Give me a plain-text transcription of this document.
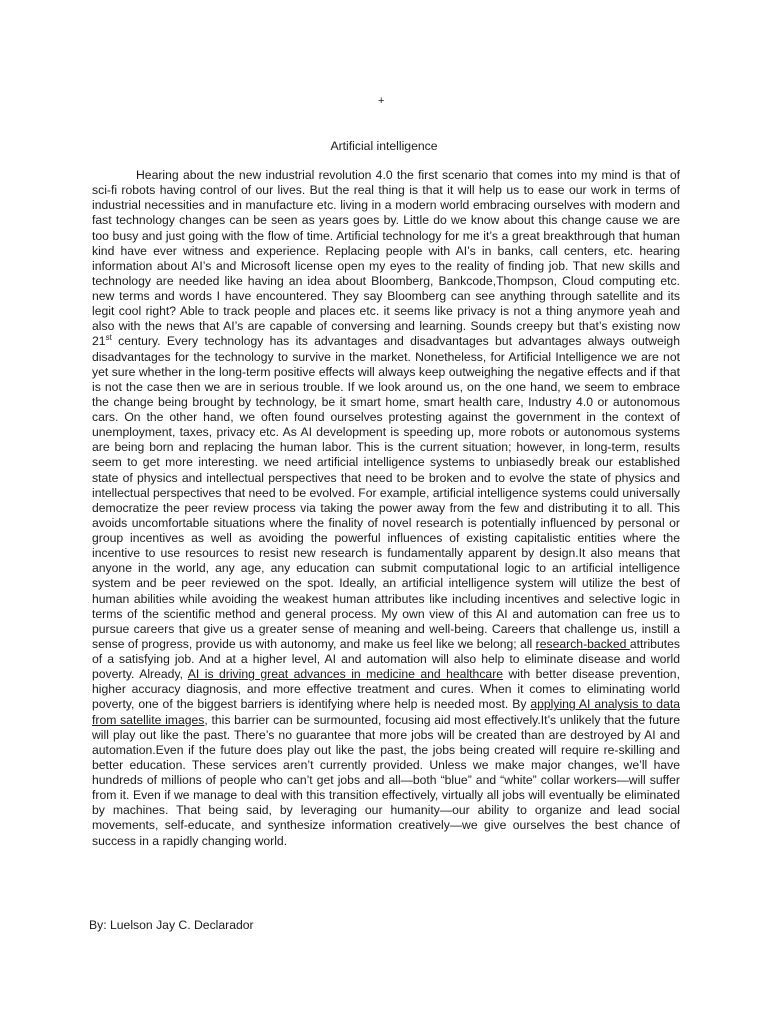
+
Artificial intelligence

Hearing about the new industrial revolution 4.0 the first scenario that comes into my mind is that of sci-fi robots having control of our lives. But the real thing is that it will help us to ease our work in terms of industrial necessities and in manufacture etc. living in a modern world embracing ourselves with modern and fast technology changes can be seen as years goes by. Little do we know about this change cause we are too busy and just going with the flow of time. Artificial technology for me it’s a great breakthrough that human kind have ever witness and experience. Replacing people with AI’s in banks, call centers, etc. hearing information about AI’s and Microsoft license open my eyes to the reality of finding job. That new skills and technology are needed like having an idea about Bloomberg, Bankcode,Thompson, Cloud computing etc. new terms and words I have encountered. They say Bloomberg can see anything through satellite and its legit cool right? Able to track people and places etc. it seems like privacy is not a thing anymore yeah and also with the news that AI’s are capable of conversing and learning. Sounds creepy but that’s existing now 21st century. Every technology has its advantages and disadvantages but advantages always outweigh disadvantages for the technology to survive in the market. Nonetheless, for Artificial Intelligence we are not yet sure whether in the long-term positive effects will always keep outweighing the negative effects and if that is not the case then we are in serious trouble. If we look around us, on the one hand, we seem to embrace the change being brought by technology, be it smart home, smart health care, Industry 4.0 or autonomous cars. On the other hand, we often found ourselves protesting against the government in the context of unemployment, taxes, privacy etc. As AI development is speeding up, more robots or autonomous systems are being born and replacing the human labor. This is the current situation; however, in long-term, results seem to get more interesting. we need artificial intelligence systems to unbiasedly break our established state of physics and intellectual perspectives that need to be broken and to evolve the state of physics and intellectual perspectives that need to be evolved. For example, artificial intelligence systems could universally democratize the peer review process via taking the power away from the few and distributing it to all. This avoids uncomfortable situations where the finality of novel research is potentially influenced by personal or group incentives as well as avoiding the powerful influences of existing capitalistic entities where the incentive to use resources to resist new research is fundamentally apparent by design.It also means that anyone in the world, any age, any education can submit computational logic to an artificial intelligence system and be peer reviewed on the spot. Ideally, an artificial intelligence system will utilize the best of human abilities while avoiding the weakest human attributes like including incentives and selective logic in terms of the scientific method and general process. My own view of this AI and automation can free us to pursue careers that give us a greater sense of meaning and well-being. Careers that challenge us, instill a sense of progress, provide us with autonomy, and make us feel like we belong; all research-backed attributes of a satisfying job. And at a higher level, AI and automation will also help to eliminate disease and world poverty. Already, AI is driving great advances in medicine and healthcare with better disease prevention, higher accuracy diagnosis, and more effective treatment and cures. When it comes to eliminating world poverty, one of the biggest barriers is identifying where help is needed most. By applying AI analysis to data from satellite images, this barrier can be surmounted, focusing aid most effectively.It’s unlikely that the future will play out like the past. There’s no guarantee that more jobs will be created than are destroyed by AI and automation.Even if the future does play out like the past, the jobs being created will require re-skilling and better education. These services aren’t currently provided. Unless we make major changes, we’ll have hundreds of millions of people who can’t get jobs and all—both “blue” and “white” collar workers—will suffer from it. Even if we manage to deal with this transition effectively, virtually all jobs will eventually be eliminated by machines. That being said, by leveraging our humanity—our ability to organize and lead social movements, self-educate, and synthesize information creatively—we give ourselves the best chance of success in a rapidly changing world.

By: Luelson Jay C. Declarador
